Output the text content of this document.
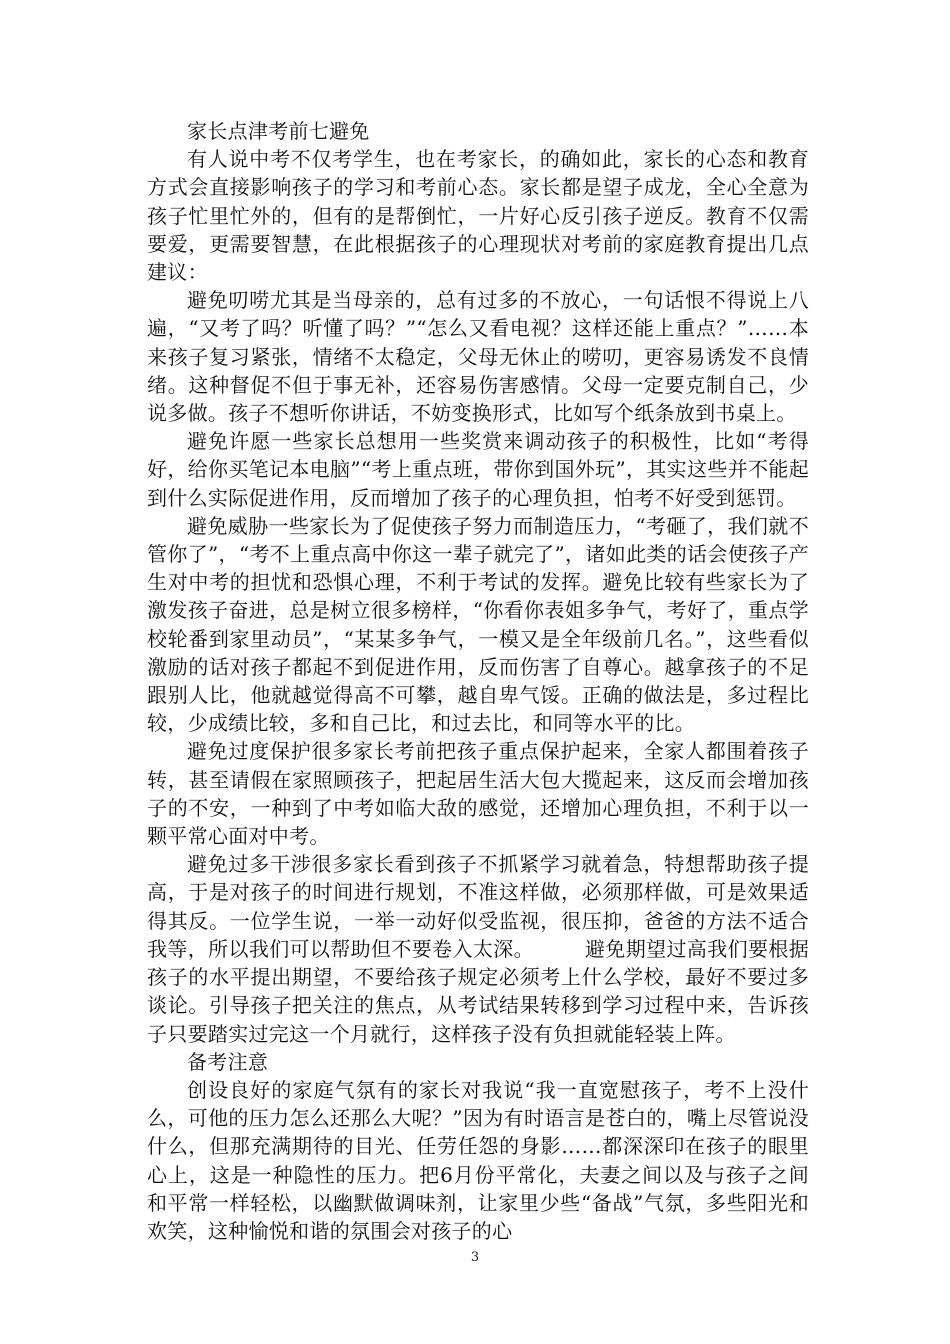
家长点津考前七避免

有人说中考不仅考学生，也在考家长，的确如此，家长的心态和教育方式会直接影响孩子的学习和考前心态。家长都是望子成龙，全心全意为孩子忙里忙外的，但有的是帮倒忙，一片好心反引孩子逆反。教育不仅需要爱，更需要智慧，在此根据孩子的心理现状对考前的家庭教育提出几点建议：

避免叨唠尤其是当母亲的，总有过多的不放心，一句话恨不得说上八遍，“又考了吗？听懂了吗？”“怎么又看电视？这样还能上重点？”……本来孩子复习紧张，情绪不太稳定，父母无休止的唠叨，更容易诱发不良情绪。这种督促不但于事无补，还容易伤害感情。父母一定要克制自己，少说多做。孩子不想听你讲话，不妨变换形式，比如写个纸条放到书桌上。

避免许愿一些家长总想用一些奖赏来调动孩子的积极性，比如“考得好，给你买笔记本电脑”“考上重点班，带你到国外玩”，其实这些并不能起到什么实际促进作用，反而增加了孩子的心理负担，怕考不好受到惩罚。

避免威胁一些家长为了促使孩子努力而制造压力，“考砸了，我们就不管你了”，“考不上重点高中你这一辈子就完了”，诸如此类的话会使孩子产生对中考的担忧和恐惧心理，不利于考试的发挥。避免比较有些家长为了激发孩子奋进，总是树立很多榜样，“你看你表姐多争气，考好了，重点学校轮番到家里动员”，“某某多争气，一模又是全年级前几名。”，这些看似激励的话对孩子都起不到促进作用，反而伤害了自尊心。越拿孩子的不足跟别人比，他就越觉得高不可攀，越自卑气馁。正确的做法是，多过程比较，少成绩比较，多和自己比，和过去比，和同等水平的比。

避免过度保护很多家长考前把孩子重点保护起来，全家人都围着孩子转，甚至请假在家照顾孩子，把起居生活大包大揽起来，这反而会增加孩子的不安，一种到了中考如临大敌的感觉，还增加心理负担，不利于以一颗平常心面对中考。

避免过多干涉很多家长看到孩子不抓紧学习就着急，特想帮助孩子提高，于是对孩子的时间进行规划，不准这样做，必须那样做，可是效果适得其反。一位学生说，一举一动好似受监视，很压抑，爸爸的方法不适合我等，所以我们可以帮助但不要卷入太深。　　　避免期望过高我们要根据孩子的水平提出期望，不要给孩子规定必须考上什么学校，最好不要过多谈论。引导孩子把关注的焦点，从考试结果转移到学习过程中来，告诉孩子只要踏实过完这一个月就行，这样孩子没有负担就能轻装上阵。

备考注意

创设良好的家庭气氛有的家长对我说“我一直宽慰孩子，考不上没什么，可他的压力怎么还那么大呢？”因为有时语言是苍白的，嘴上尽管说没什么，但那充满期待的目光、任劳任怨的身影……都深深印在孩子的眼里心上，这是一种隐性的压力。把6月份平常化，夫妻之间以及与孩子之间和平常一样轻松，以幽默做调味剂，让家里少些“备战”气氛，多些阳光和欢笑，这种愉悦和谐的氛围会对孩子的心

3
